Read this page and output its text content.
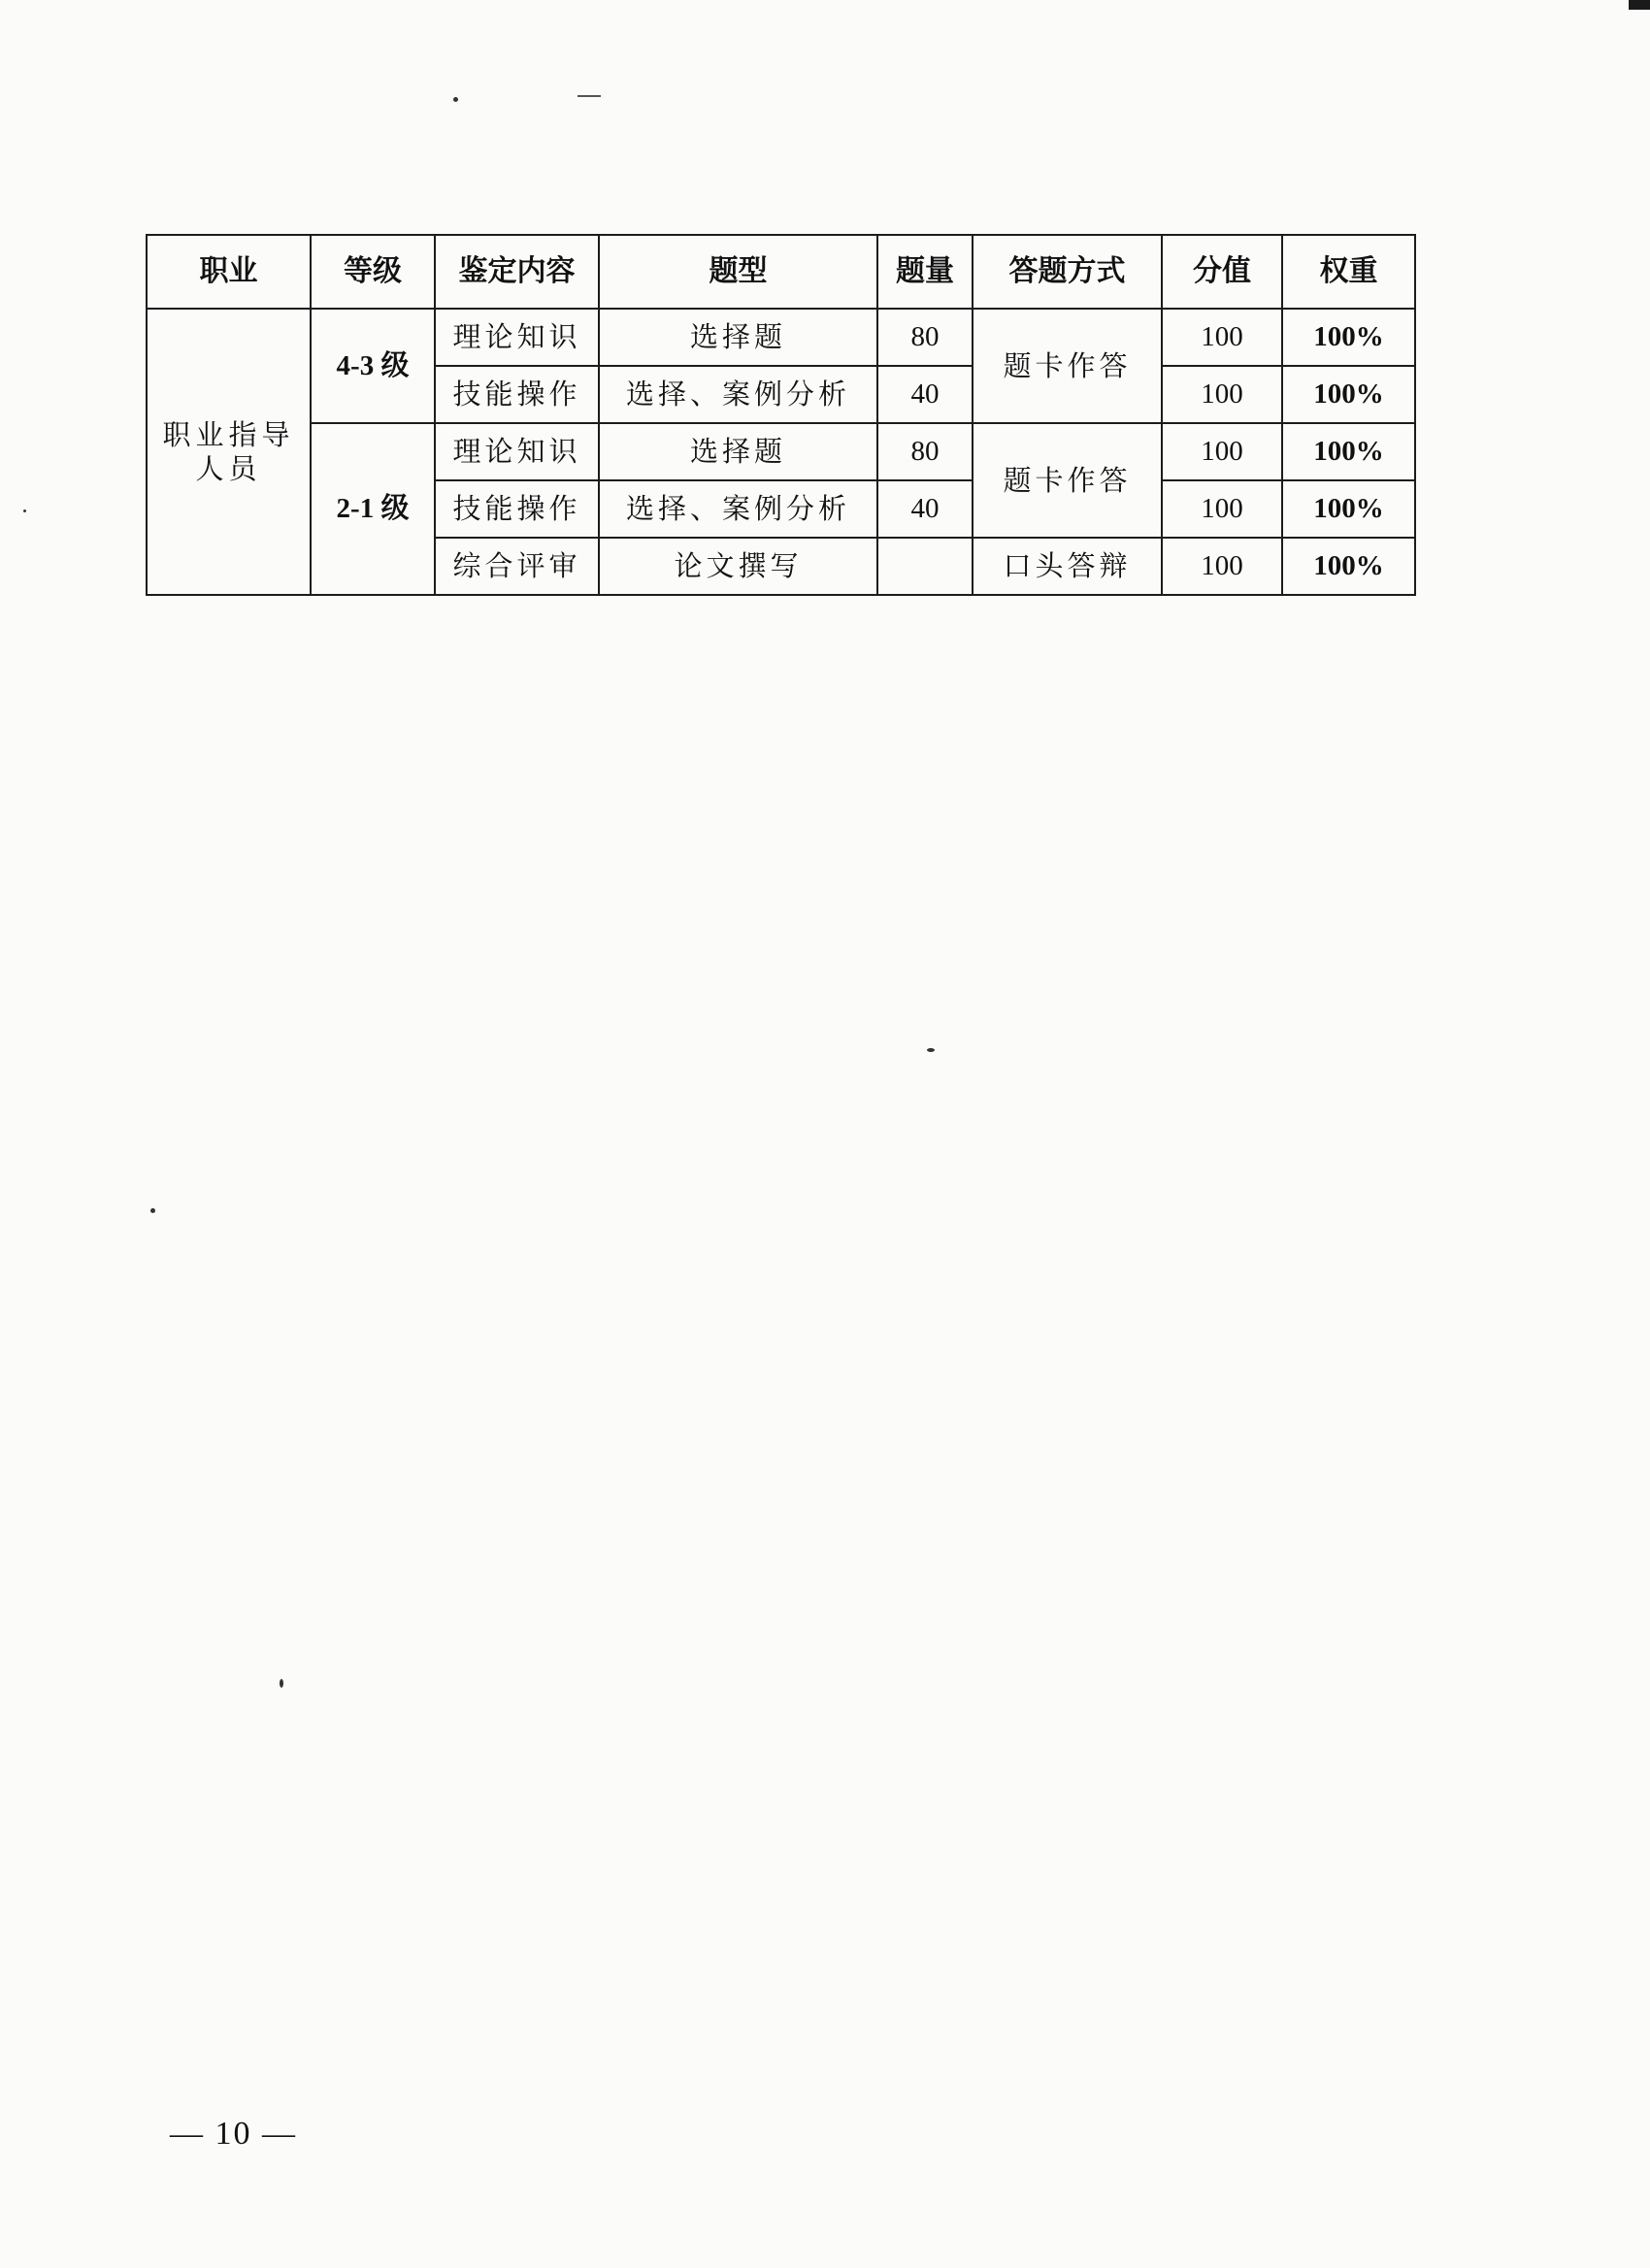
职业	等级	鉴定内容	题型	题量	答题方式	分值	权重

职业指导
人员	4-3 级	理论知识	选择题	80	题卡作答	100	100%
		技能操作	选择、案例分析	40		100	100%
	2-1 级	理论知识	选择题	80	题卡作答	100	100%
		技能操作	选择、案例分析	40		100	100%
		综合评审	论文撰写		口头答辩	100	100%
— 10 —
